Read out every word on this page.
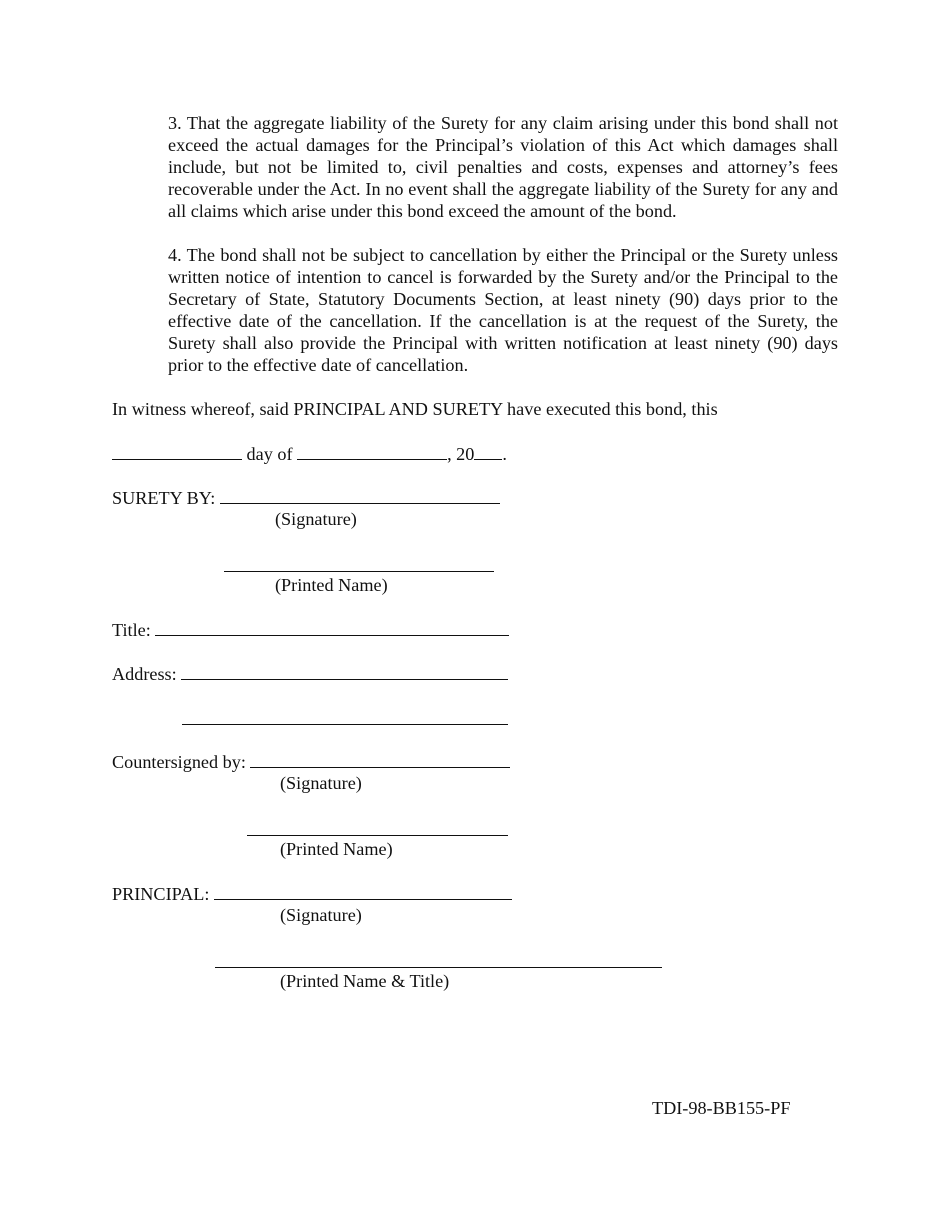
3. That the aggregate liability of the Surety for any claim arising under this bond shall not exceed the actual damages for the Principal’s violation of this Act which damages shall include, but not be limited to, civil penalties and costs, expenses and attorney’s fees recoverable under the Act. In no event shall the aggregate liability of the Surety for any and all claims which arise under this bond exceed the amount of the bond.

4. The bond shall not be subject to cancellation by either the Principal or the Surety unless written notice of intention to cancel is forwarded by the Surety and/or the Principal to the Secretary of State, Statutory Documents Section, at least ninety (90) days prior to the effective date of the cancellation. If the cancellation is at the request of the Surety, the Surety shall also provide the Principal with written notification at least ninety (90) days prior to the effective date of cancellation.

In witness whereof, said PRINCIPAL AND SURETY have executed this bond, this
day of	, 20 .
SURETY BY:
(Signature)
(Printed Name)
Title:
Address:
Countersigned by:
(Signature)
(Printed Name)
PRINCIPAL:
(Signature)
(Printed Name & Title)
TDI-98-BB155-PF
